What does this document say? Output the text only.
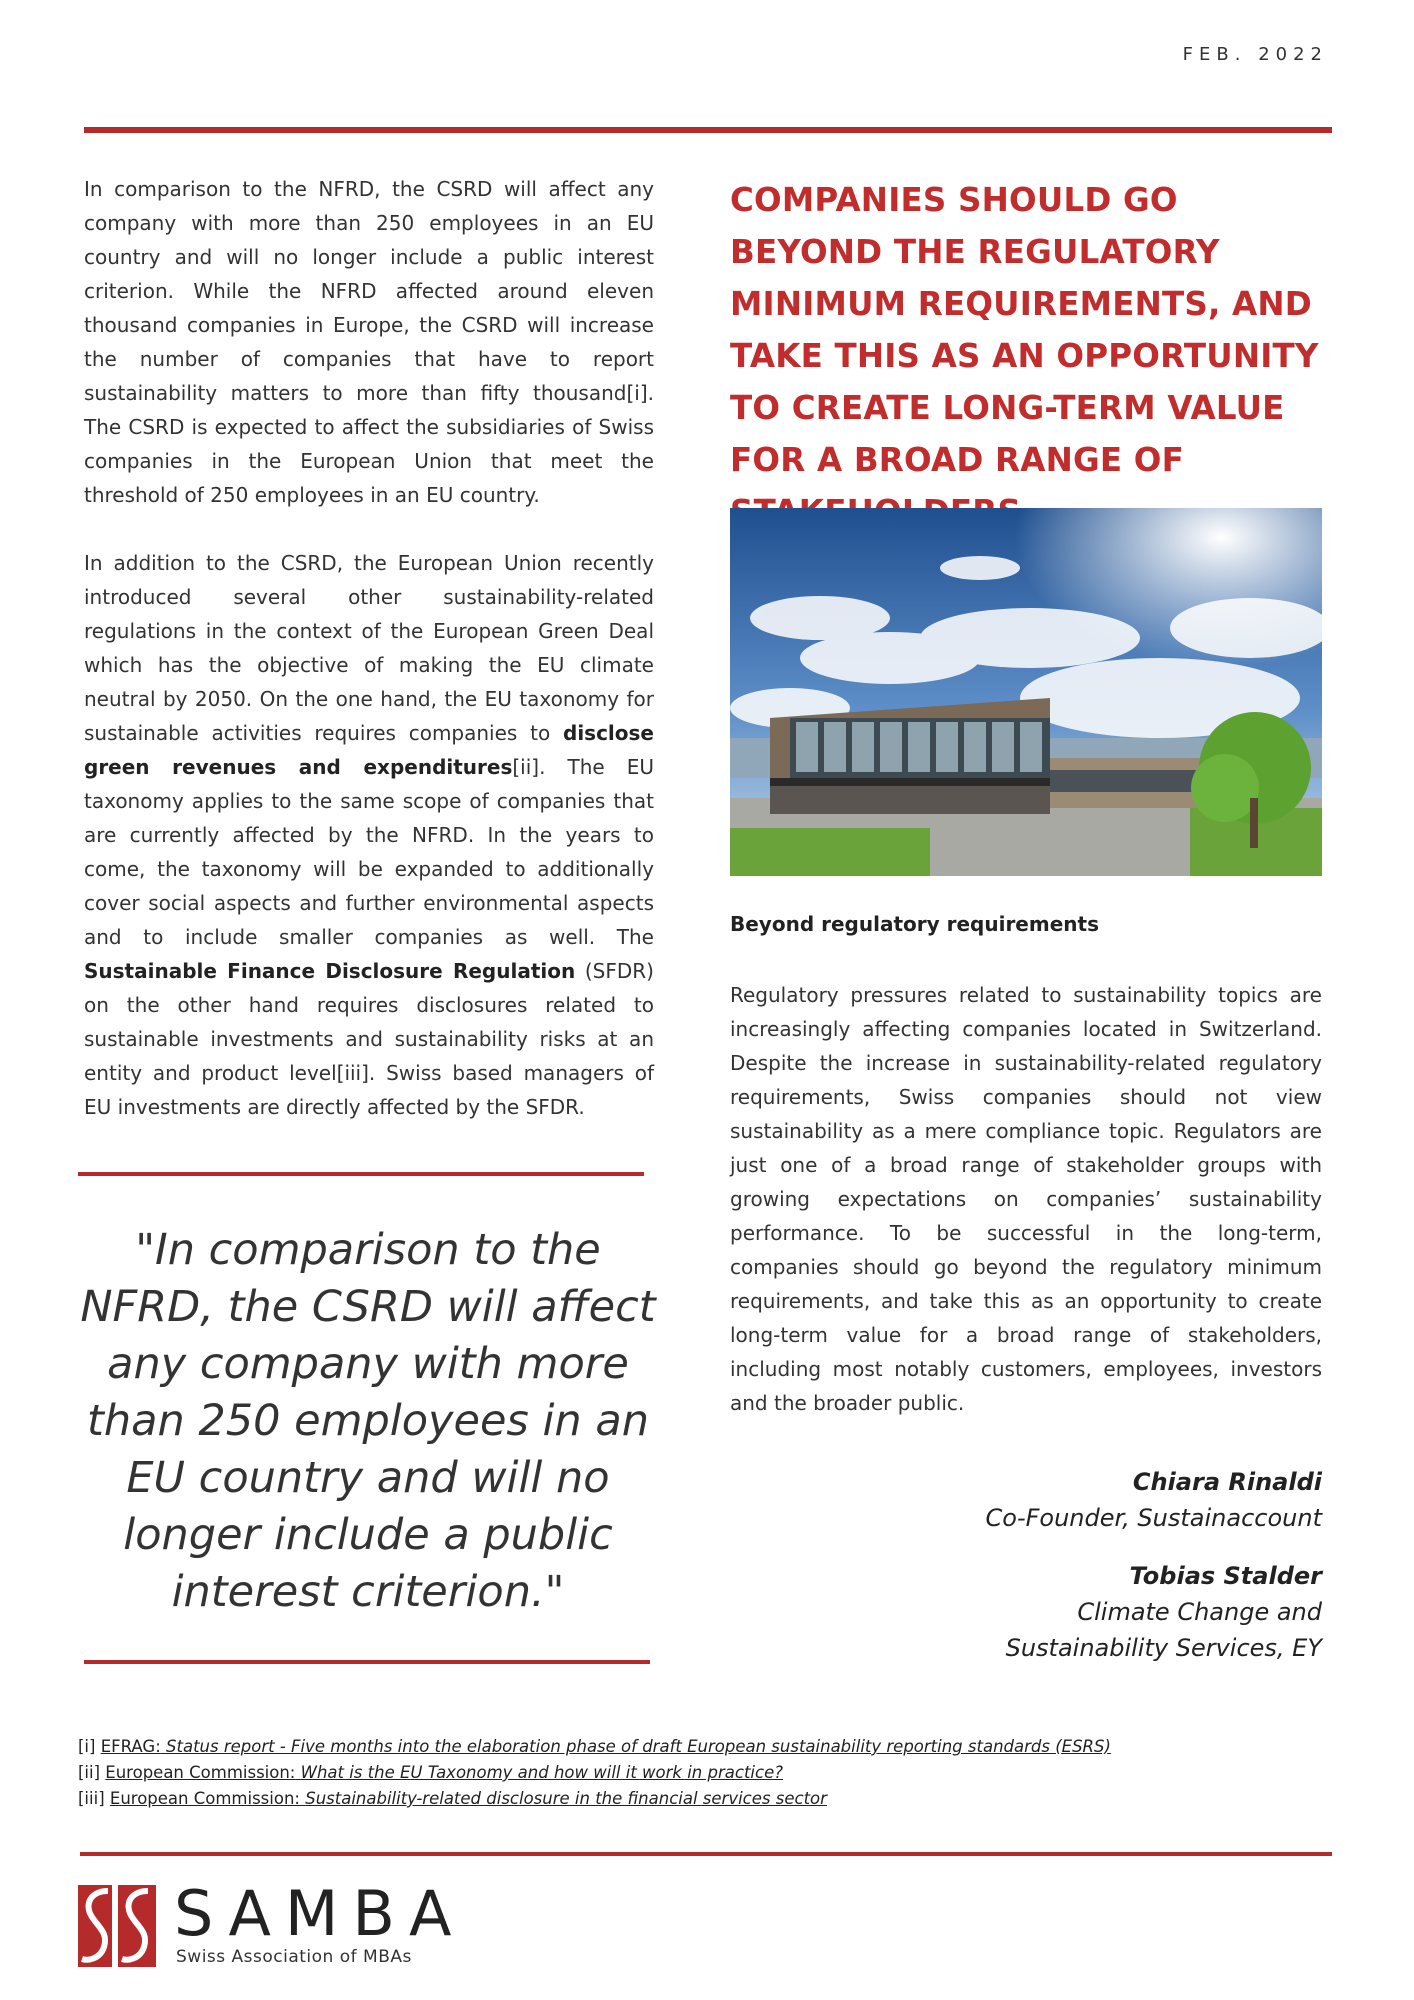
FEB. 2022

In comparison to the NFRD, the CSRD will affect any company with more than 250 employees in an EU country and will no longer include a public interest criterion. While the NFRD affected around eleven thousand companies in Europe, the CSRD will increase the number of companies that have to report sustainability matters to more than fifty thousand[i]. The CSRD is expected to affect the subsidiaries of Swiss companies in the European Union that meet the threshold of 250 employees in an EU country.

In addition to the CSRD, the European Union recently introduced several other sustainability-related regulations in the context of the European Green Deal which has the objective of making the EU climate neutral by 2050. On the one hand, the EU taxonomy for sustainable activities requires companies to disclose green revenues and expenditures[ii]. The EU taxonomy applies to the same scope of companies that are currently affected by the NFRD. In the years to come, the taxonomy will be expanded to additionally cover social aspects and further environmental aspects and to include smaller companies as well. The Sustainable Finance Disclosure Regulation (SFDR) on the other hand requires disclosures related to sustainable investments and sustainability risks at an entity and product level[iii]. Swiss based managers of EU investments are directly affected by the SFDR.

"In comparison to the NFRD, the CSRD will affect any company with more than 250 employees in an EU country and will no longer include a public interest criterion."
COMPANIES SHOULD GO BEYOND THE REGULATORY MINIMUM REQUIREMENTS, AND TAKE THIS AS AN OPPORTUNITY TO CREATE LONG-TERM VALUE FOR A BROAD RANGE OF
Beyond regulatory requirements

Regulatory pressures related to sustainability topics are increasingly affecting companies located in Switzerland. Despite the increase in sustainability-related regulatory requirements, Swiss companies should not view sustainability as a mere compliance topic. Regulators are just one of a broad range of stakeholder groups with growing expectations on companies’ sustainability performance. To be successful in the long-term, companies should go beyond the regulatory minimum requirements, and take this as an opportunity to create long-term value for a broad range of stakeholders, including most notably customers, employees, investors and the broader public.

Chiara Rinaldi
Co-Founder, Sustainaccount
Tobias Stalder
Climate Change and
Sustainability Services, EY
[i] EFRAG: Status report - Five months into the elaboration phase of draft European sustainability reporting standards (ESRS)
[ii] European Commission: What is the EU Taxonomy and how will it work in practice?
[iii] European Commission: Sustainability-related disclosure in the financial services sector
SAMBA
Swiss Association of MBAs
